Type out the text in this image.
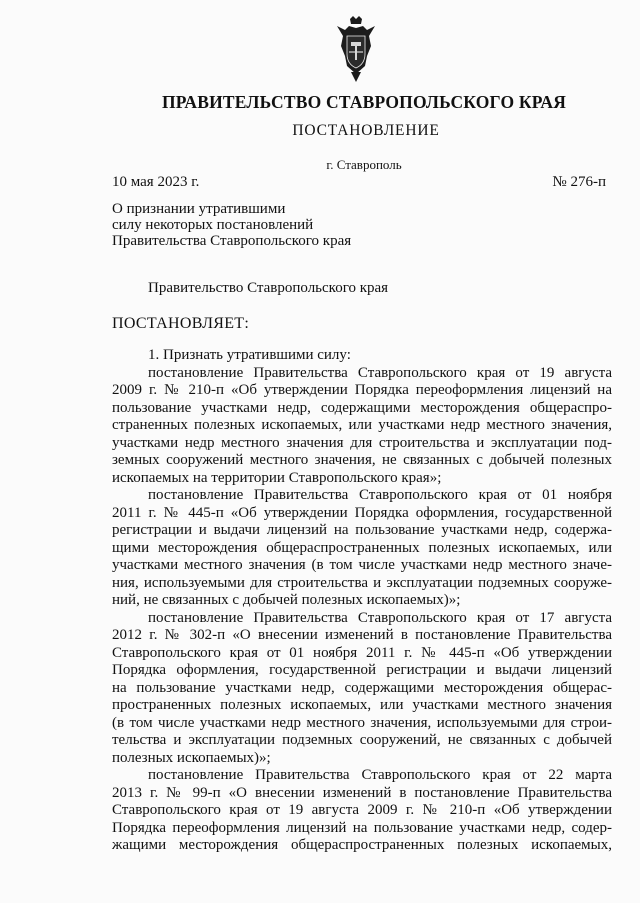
ПРАВИТЕЛЬСТВО СТАВРОПОЛЬСКОГО КРАЯ
ПОСТАНОВЛЕНИЕ
г. Ставрополь
10 мая 2023 г.	№ 276-п
О признании утратившими
силу некоторых постановлений
Правительства Ставропольского края
Правительство Ставропольского края
ПОСТАНОВЛЯЕТ:
1. Признать утратившими силу:
постановление Правительства Ставропольского края от 19 августа
2009 г. № 210-п «Об утверждении Порядка переоформления лицензий на
пользование участками недр, содержащими месторождения общераспро-
страненных полезных ископаемых, или участками недр местного значения,
участками недр местного значения для строительства и эксплуатации под-
земных сооружений местного значения, не связанных с добычей полезных
ископаемых на территории Ставропольского края»;
постановление Правительства Ставропольского края от 01 ноября
2011 г. № 445-п «Об утверждении Порядка оформления, государственной
регистрации и выдачи лицензий на пользование участками недр, содержа-
щими месторождения общераспространенных полезных ископаемых, или
участками местного значения (в том числе участками недр местного значе-
ния, используемыми для строительства и эксплуатации подземных сооруже-
ний, не связанных с добычей полезных ископаемых)»;
постановление Правительства Ставропольского края от 17 августа
2012 г. № 302-п «О внесении изменений в постановление Правительства
Ставропольского края от 01 ноября 2011 г. № 445-п «Об утверждении
Порядка оформления, государственной регистрации и выдачи лицензий
на пользование участками недр, содержащими месторождения общерас-
пространенных полезных ископаемых, или участками местного значения
(в том числе участками недр местного значения, используемыми для строи-
тельства и эксплуатации подземных сооружений, не связанных с добычей
полезных ископаемых)»;
постановление Правительства Ставропольского края от 22 марта
2013 г. № 99-п «О внесении изменений в постановление Правительства
Ставропольского края от 19 августа 2009 г. № 210-п «Об утверждении
Порядка переоформления лицензий на пользование участками недр, содер-
жащими месторождения общераспространенных полезных ископаемых,
